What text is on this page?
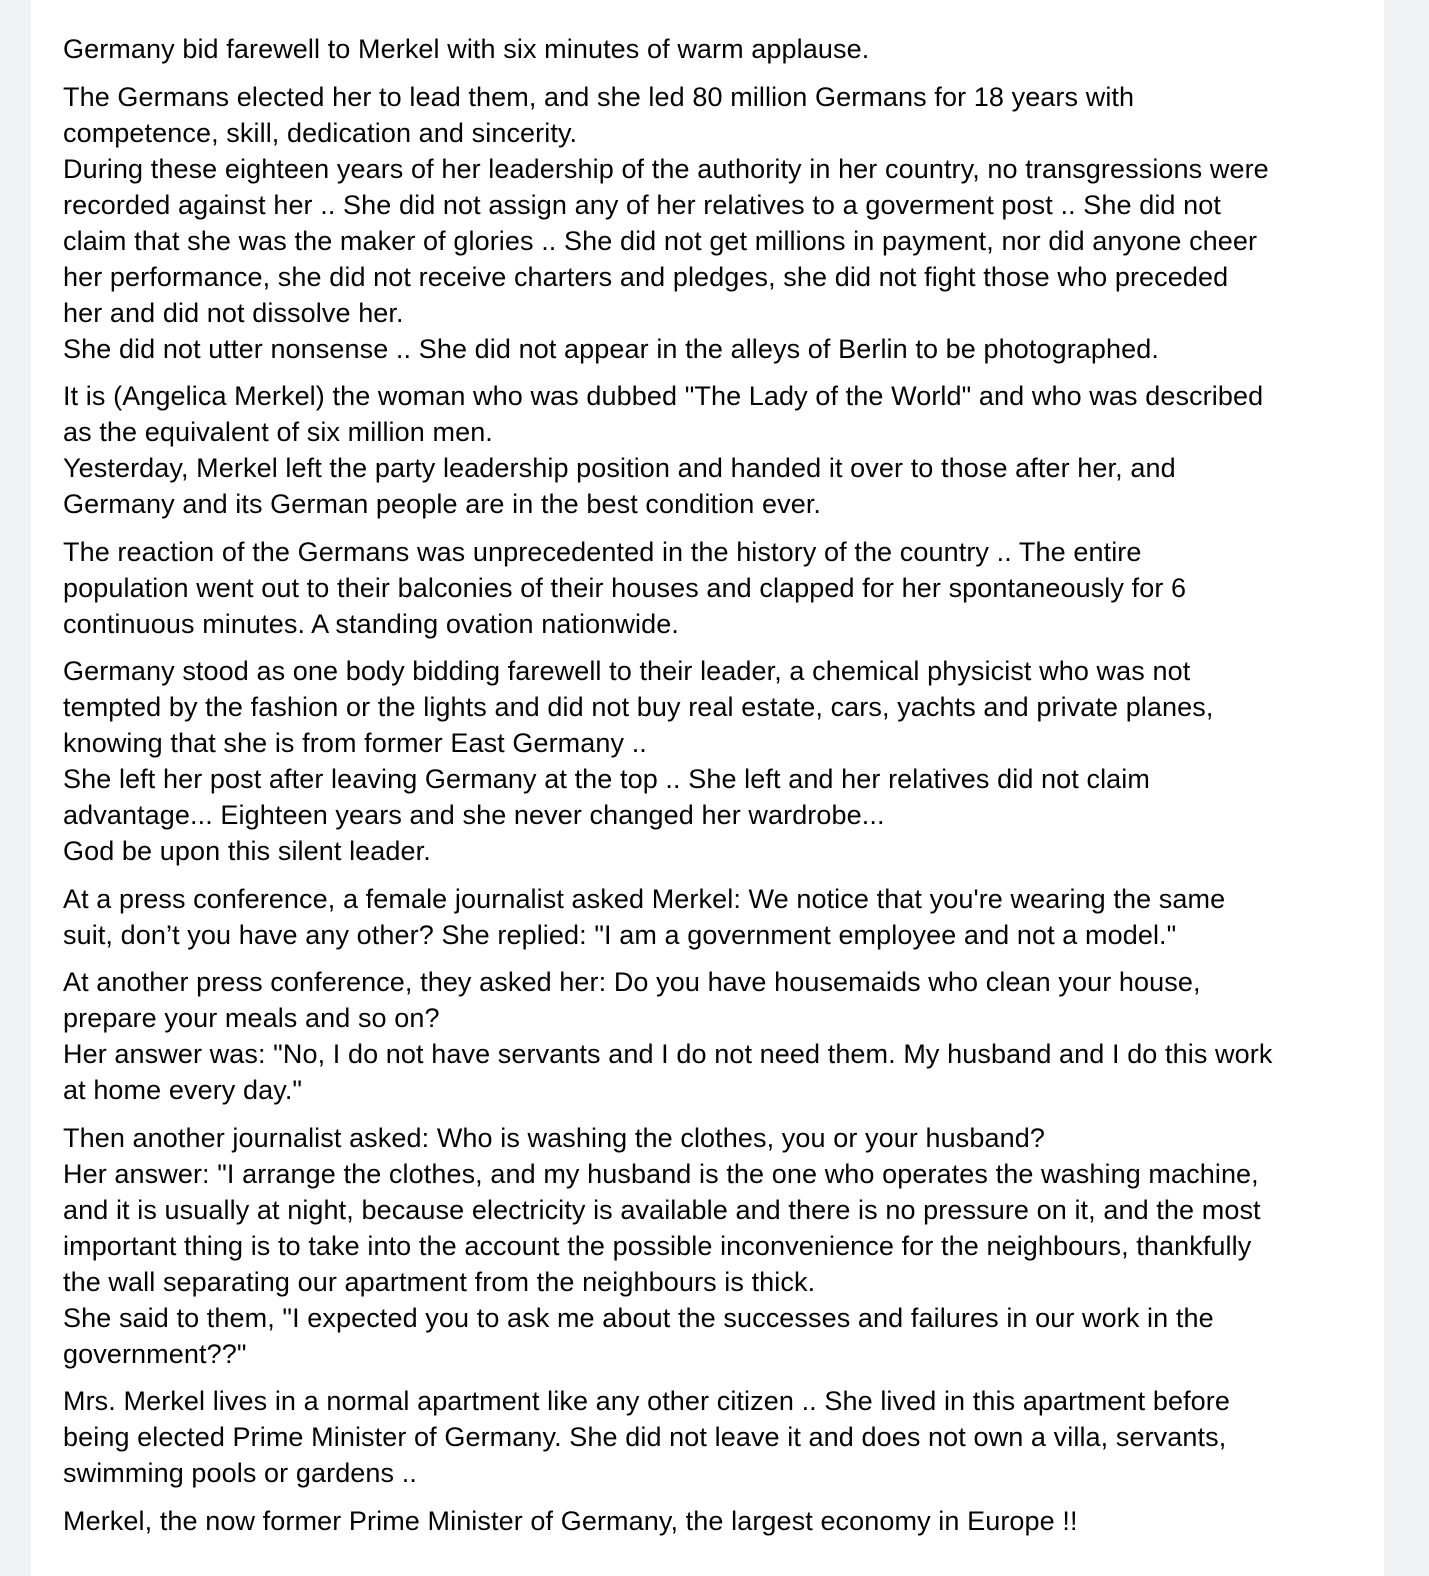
Germany bid farewell to Merkel with six minutes of warm applause.

The Germans elected her to lead them, and she led 80 million Germans for 18 years with
competence, skill, dedication and sincerity.
During these eighteen years of her leadership of the authority in her country, no transgressions were
recorded against her .. She did not assign any of her relatives to a goverment post .. She did not
claim that she was the maker of glories .. She did not get millions in payment, nor did anyone cheer
her performance, she did not receive charters and pledges, she did not fight those who preceded
her and did not dissolve her.
She did not utter nonsense .. She did not appear in the alleys of Berlin to be photographed.

It is (Angelica Merkel) the woman who was dubbed "The Lady of the World" and who was described
as the equivalent of six million men.
Yesterday, Merkel left the party leadership position and handed it over to those after her, and
Germany and its German people are in the best condition ever.

The reaction of the Germans was unprecedented in the history of the country .. The entire
population went out to their balconies of their houses and clapped for her spontaneously for 6
continuous minutes. A standing ovation nationwide.

Germany stood as one body bidding farewell to their leader, a chemical physicist who was not
tempted by the fashion or the lights and did not buy real estate, cars, yachts and private planes,
knowing that she is from former East Germany ..
She left her post after leaving Germany at the top .. She left and her relatives did not claim
advantage... Eighteen years and she never changed her wardrobe...
God be upon this silent leader.

At a press conference, a female journalist asked Merkel: We notice that you're wearing the same
suit, don’t you have any other? She replied: "I am a government employee and not a model."

At another press conference, they asked her: Do you have housemaids who clean your house,
prepare your meals and so on?
Her answer was: "No, I do not have servants and I do not need them. My husband and I do this work
at home every day."

Then another journalist asked: Who is washing the clothes, you or your husband?
Her answer: "I arrange the clothes, and my husband is the one who operates the washing machine,
and it is usually at night, because electricity is available and there is no pressure on it, and the most
important thing is to take into the account the possible inconvenience for the neighbours, thankfully
the wall separating our apartment from the neighbours is thick.
She said to them, "I expected you to ask me about the successes and failures in our work in the
government??"

Mrs. Merkel lives in a normal apartment like any other citizen .. She lived in this apartment before
being elected Prime Minister of Germany. She did not leave it and does not own a villa, servants,
swimming pools or gardens ..

Merkel, the now former Prime Minister of Germany, the largest economy in Europe !!
